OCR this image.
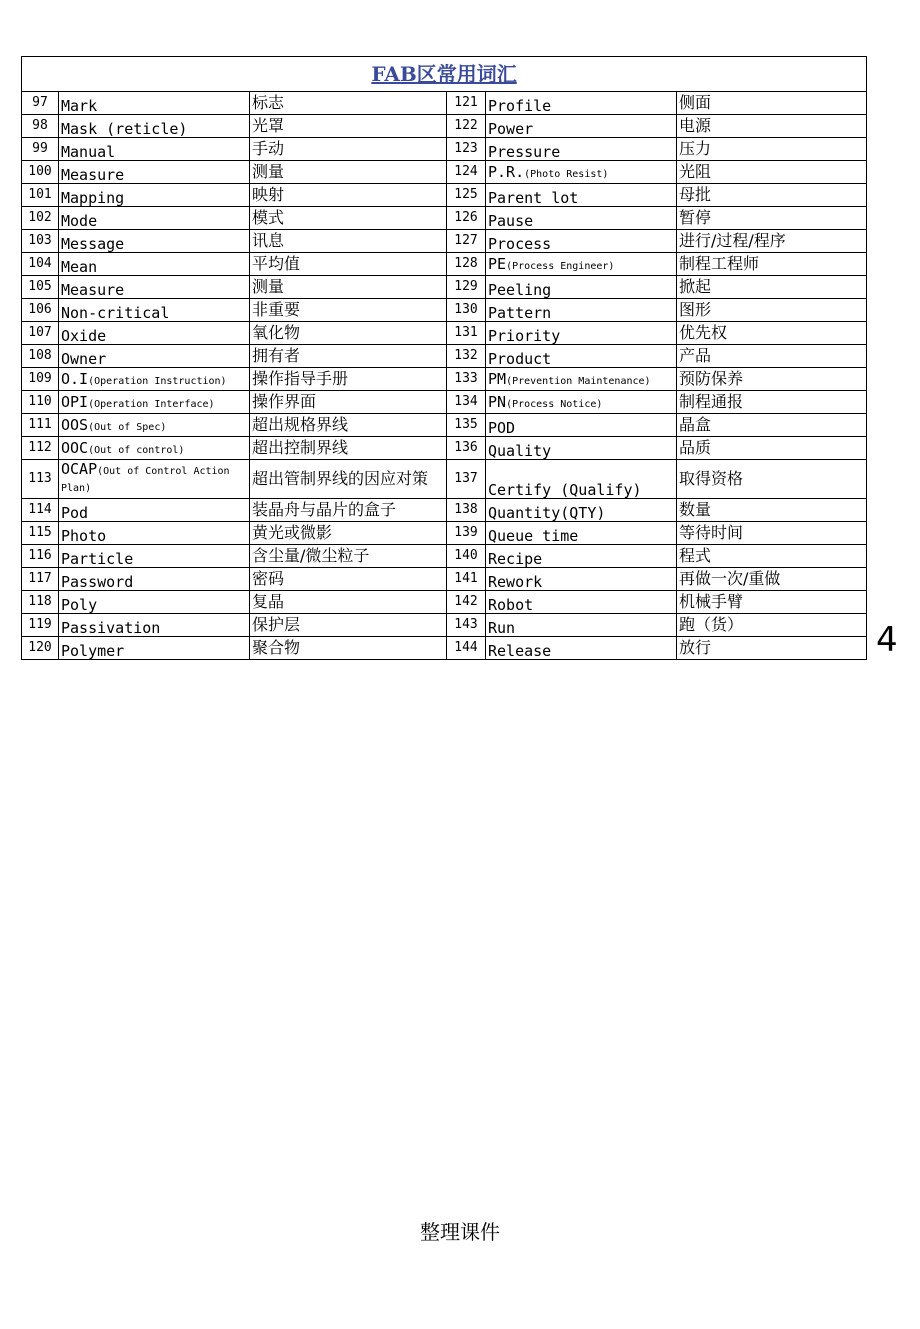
FAB区常用词汇					
97	Mark	标志	121	Profile	侧面
98	Mask (reticle)	光罩	122	Power	电源
99	Manual	手动	123	Pressure	压力
100	Measure	测量	124	P.R.(Photo Resist)	光阻
101	Mapping	映射	125	Parent lot	母批
102	Mode	模式	126	Pause	暂停
103	Message	讯息	127	Process	进行/过程/程序
104	Mean	平均值	128	PE(Process Engineer)	制程工程师
105	Measure	测量	129	Peeling	掀起
106	Non-critical	非重要	130	Pattern	图形
107	Oxide	氧化物	131	Priority	优先权
108	Owner	拥有者	132	Product	产品
109	O.I(Operation Instruction)	操作指导手册	133	PM(Prevention Maintenance)	预防保养
110	OPI(Operation Interface)	操作界面	134	PN(Process Notice)	制程通报
111	OOS(Out of Spec)	超出规格界线	135	POD	晶盒
112	OOC(Out of control)	超出控制界线	136	Quality	品质
113	OCAP(Out of Control Action Plan)	超出管制界线的因应对策	137	Certify (Qualify)	取得资格
114	Pod	装晶舟与晶片的盒子	138	Quantity(QTY)	数量
115	Photo	黄光或微影	139	Queue time	等待时间
116	Particle	含尘量/微尘粒子	140	Recipe	程式
117	Password	密码	141	Rework	再做一次/重做
118	Poly	复晶	142	Robot	机械手臂
119	Passivation	保护层	143	Run	跑（货）
120	Polymer	聚合物	144	Release	放行	4
整理课件
